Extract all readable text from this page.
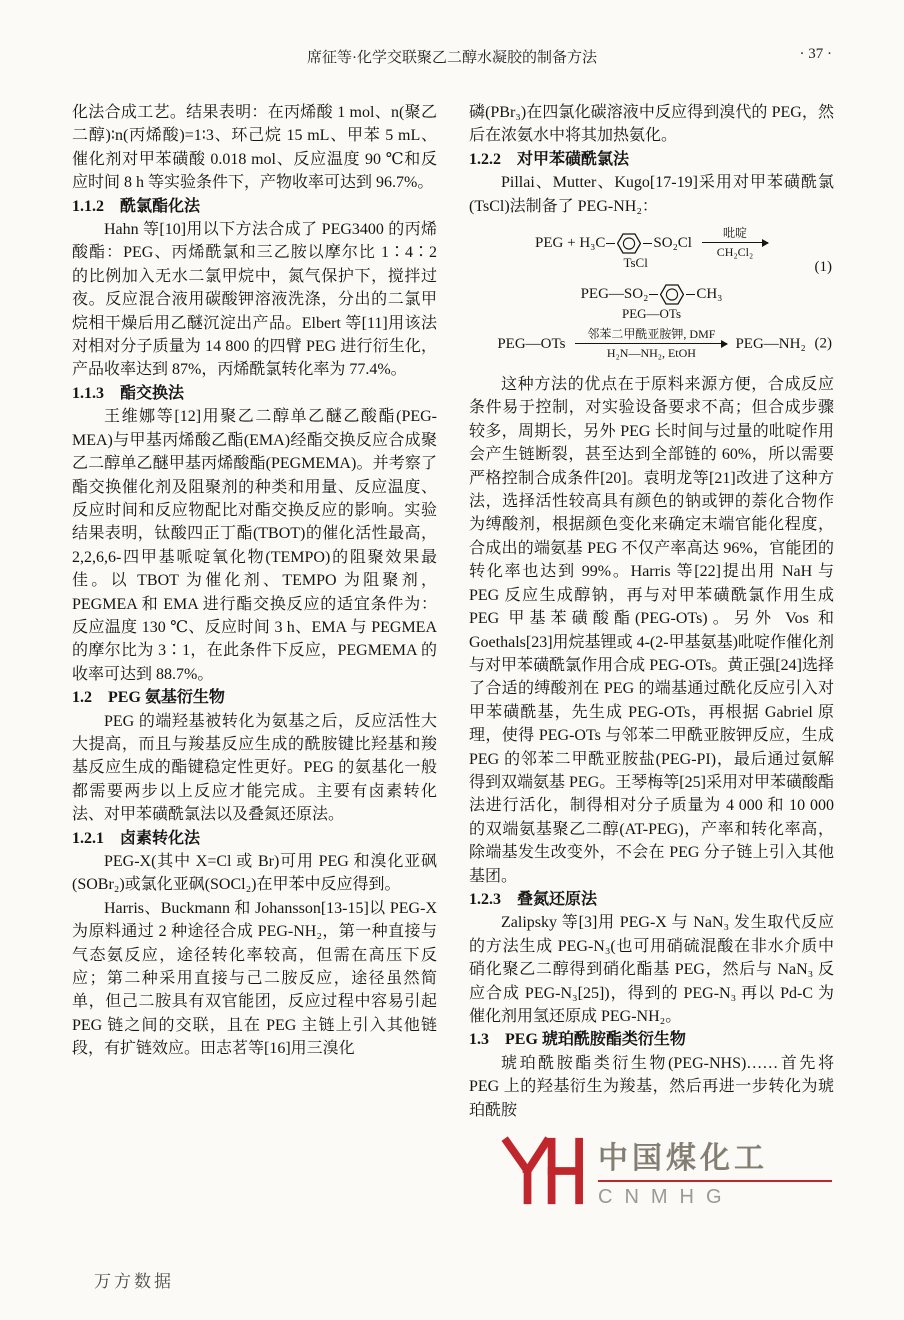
席征等·化学交联聚乙二醇水凝胶的制备方法	· 37 ·

化法合成工艺。结果表明：在丙烯酸 1 mol、n(聚乙二醇)∶n(丙烯酸)=1∶3、环己烷 15 mL、甲苯 5 mL、催化剂对甲苯磺酸 0.018 mol、反应温度 90 ℃和反应时间 8 h 等实验条件下，产物收率可达到 96.7%。

1.1.2　酰氯酯化法

Hahn 等[10]用以下方法合成了 PEG3400 的丙烯酸酯：PEG、丙烯酰氯和三乙胺以摩尔比 1∶4∶2 的比例加入无水二氯甲烷中，氮气保护下，搅拌过夜。反应混合液用碳酸钾溶液洗涤，分出的二氯甲烷相干燥后用乙醚沉淀出产品。Elbert 等[11]用该法对相对分子质量为 14 800 的四臂 PEG 进行衍生化，产品收率达到 87%，丙烯酰氯转化率为 77.4%。

1.1.3　酯交换法

王维娜等[12]用聚乙二醇单乙醚乙酸酯(PEG-MEA)与甲基丙烯酸乙酯(EMA)经酯交换反应合成聚乙二醇单乙醚甲基丙烯酸酯(PEGMEMA)。并考察了酯交换催化剂及阻聚剂的种类和用量、反应温度、反应时间和反应物配比对酯交换反应的影响。实验结果表明，钛酸四正丁酯(TBOT)的催化活性最高，2,2,6,6-四甲基哌啶氧化物(TEMPO)的阻聚效果最佳。以 TBOT 为催化剂、TEMPO 为阻聚剂，PEGMEA 和 EMA 进行酯交换反应的适宜条件为：反应温度 130 ℃、反应时间 3 h、EMA 与 PEGMEA 的摩尔比为 3∶1，在此条件下反应，PEGMEMA 的收率可达到 88.7%。

1.2　PEG 氨基衍生物

PEG 的端羟基被转化为氨基之后，反应活性大大提高，而且与羧基反应生成的酰胺键比羟基和羧基反应生成的酯键稳定性更好。PEG 的氨基化一般都需要两步以上反应才能完成。主要有卤素转化法、对甲苯磺酰氯法以及叠氮还原法。

1.2.1　卤素转化法

PEG-X(其中 X=Cl 或 Br)可用 PEG 和溴化亚砜(SOBr₂)或氯化亚砜(SOCl₂)在甲苯中反应得到。

Harris、Buckmann 和 Johansson[13-15]以 PEG-X 为原料通过 2 种途径合成 PEG-NH₂，第一种直接与气态氨反应，途径转化率较高，但需在高压下反应；第二种采用直接与己二胺反应，途径虽然简单，但己二胺具有双官能团，反应过程中容易引起 PEG 链之间的交联，且在 PEG 主链上引入其他链段，有扩链效应。田志茗等[16]用三溴化

磷(PBr₃)在四氯化碳溶液中反应得到溴代的 PEG，然后在浓氨水中将其加热氨化。

1.2.2　对甲苯磺酰氯法

Pillai、Mutter、Kugo[17-19]采用对甲苯磺酰氯(TsCl)法制备了 PEG-NH₂：

PEG + H₃C	SO₂Cl
TsCl
吡啶
CH₂Cl₂
PEG—SO₂	CH₃
PEG—OTs
(1)
PEG—OTs
邻苯二甲酰亚胺钾, DMF
H₂N—NH₂, EtOH
PEG—NH₂ (2)

这种方法的优点在于原料来源方便，合成反应条件易于控制，对实验设备要求不高；但合成步骤较多，周期长，另外 PEG 长时间与过量的吡啶作用会产生链断裂，甚至达到全部链的 60%，所以需要严格控制合成条件[20]。袁明龙等[21]改进了这种方法，选择活性较高具有颜色的钠或钾的萘化合物作为缚酸剂，根据颜色变化来确定末端官能化程度，合成出的端氨基 PEG 不仅产率高达 96%，官能团的转化率也达到 99%。Harris 等[22]提出用 NaH 与 PEG 反应生成醇钠，再与对甲苯磺酰氯作用生成 PEG 甲基苯磺酸酯(PEG-OTs)。另外 Vos 和 Goethals[23]用烷基锂或 4-(2-甲基氨基)吡啶作催化剂与对甲苯磺酰氯作用合成 PEG-OTs。黄正强[24]选择了合适的缚酸剂在 PEG 的端基通过酰化反应引入对甲苯磺酰基，先生成 PEG-OTs，再根据 Gabriel 原理，使得 PEG-OTs 与邻苯二甲酰亚胺钾反应，生成 PEG 的邻苯二甲酰亚胺盐(PEG-PI)，最后通过氨解得到双端氨基 PEG。王琴梅等[25]采用对甲苯磺酸酯法进行活化，制得相对分子质量为 4 000 和 10 000 的双端氨基聚乙二醇(AT-PEG)，产率和转化率高，除端基发生改变外，不会在 PEG 分子链上引入其他基团。

1.2.3　叠氮还原法

Zalipsky 等[3]用 PEG-X 与 NaN₃ 发生取代反应的方法生成 PEG-N₃(也可用硝硫混酸在非水介质中硝化聚乙二醇得到硝化酯基 PEG，然后与 NaN₃ 反应合成 PEG-N₃[25])，得到的 PEG-N₃ 再以 Pd-C 为催化剂用氢还原成 PEG-NH₂。

1.3　PEG 琥珀酰胺酯类衍生物

琥珀酰胺酯类衍生物(PEG-NHS)……首先将 PEG 上的羟基衍生为羧基，然后再进一步转化为琥珀酰胺

中国煤化工
CNMHG
万方数据
